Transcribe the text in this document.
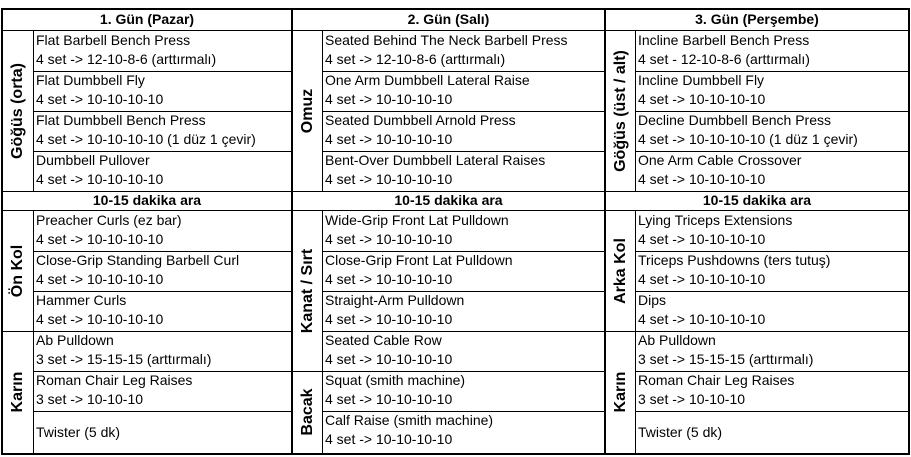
1. Gün (Pazar)
Göğüs (orta)
Flat Barbell Bench Press
4 set -> 12-10-8-6 (arttırmalı)
Flat Dumbbell Fly
4 set -> 10-10-10-10
Flat Dumbbell Bench Press
4 set -> 10-10-10-10 (1 düz 1 çevir)
Dumbbell Pullover
4 set -> 10-10-10-10
10-15 dakika ara
Ön Kol
Preacher Curls (ez bar)
4 set -> 10-10-10-10
Close-Grip Standing Barbell Curl
4 set -> 10-10-10-10
Hammer Curls
4 set -> 10-10-10-10
Karın
Ab Pulldown
3 set -> 15-15-15 (arttırmalı)
Roman Chair Leg Raises
3 set -> 10-10-10
Twister (5 dk)
2. Gün (Salı)
Omuz
Seated Behind The Neck Barbell Press
4 set -> 12-10-8-6 (arttırmalı)
One Arm Dumbbell Lateral Raise
4 set -> 10-10-10-10
Seated Dumbbell Arnold Press
4 set -> 10-10-10-10
Bent-Over Dumbbell Lateral Raises
4 set -> 10-10-10-10
10-15 dakika ara
Kanat / Sırt
Wide-Grip Front Lat Pulldown
4 set -> 10-10-10-10
Close-Grip Front Lat Pulldown
4 set -> 10-10-10-10
Straight-Arm Pulldown
4 set -> 10-10-10-10
Seated Cable Row
4 set -> 10-10-10-10
Bacak
Squat (smith machine)
4 set -> 10-10-10-10
Calf Raise (smith machine)
4 set -> 10-10-10-10
3. Gün (Perşembe)
Göğüs (üst / alt)
Incline Barbell Bench Press
4 set - 12-10-8-6 (arttırmalı)
Incline Dumbbell Fly
4 set -> 10-10-10-10
Decline Dumbbell Bench Press
4 set -> 10-10-10-10 (1 düz 1 çevir)
One Arm Cable Crossover
4 set -> 10-10-10-10
10-15 dakika ara
Arka Kol
Lying Triceps Extensions
4 set -> 10-10-10-10
Triceps Pushdowns (ters tutuş)
4 set -> 10-10-10-10
Dips
4 set -> 10-10-10-10
Karın
Ab Pulldown
3 set -> 15-15-15 (arttırmalı)
Roman Chair Leg Raises
3 set -> 10-10-10
Twister (5 dk)
